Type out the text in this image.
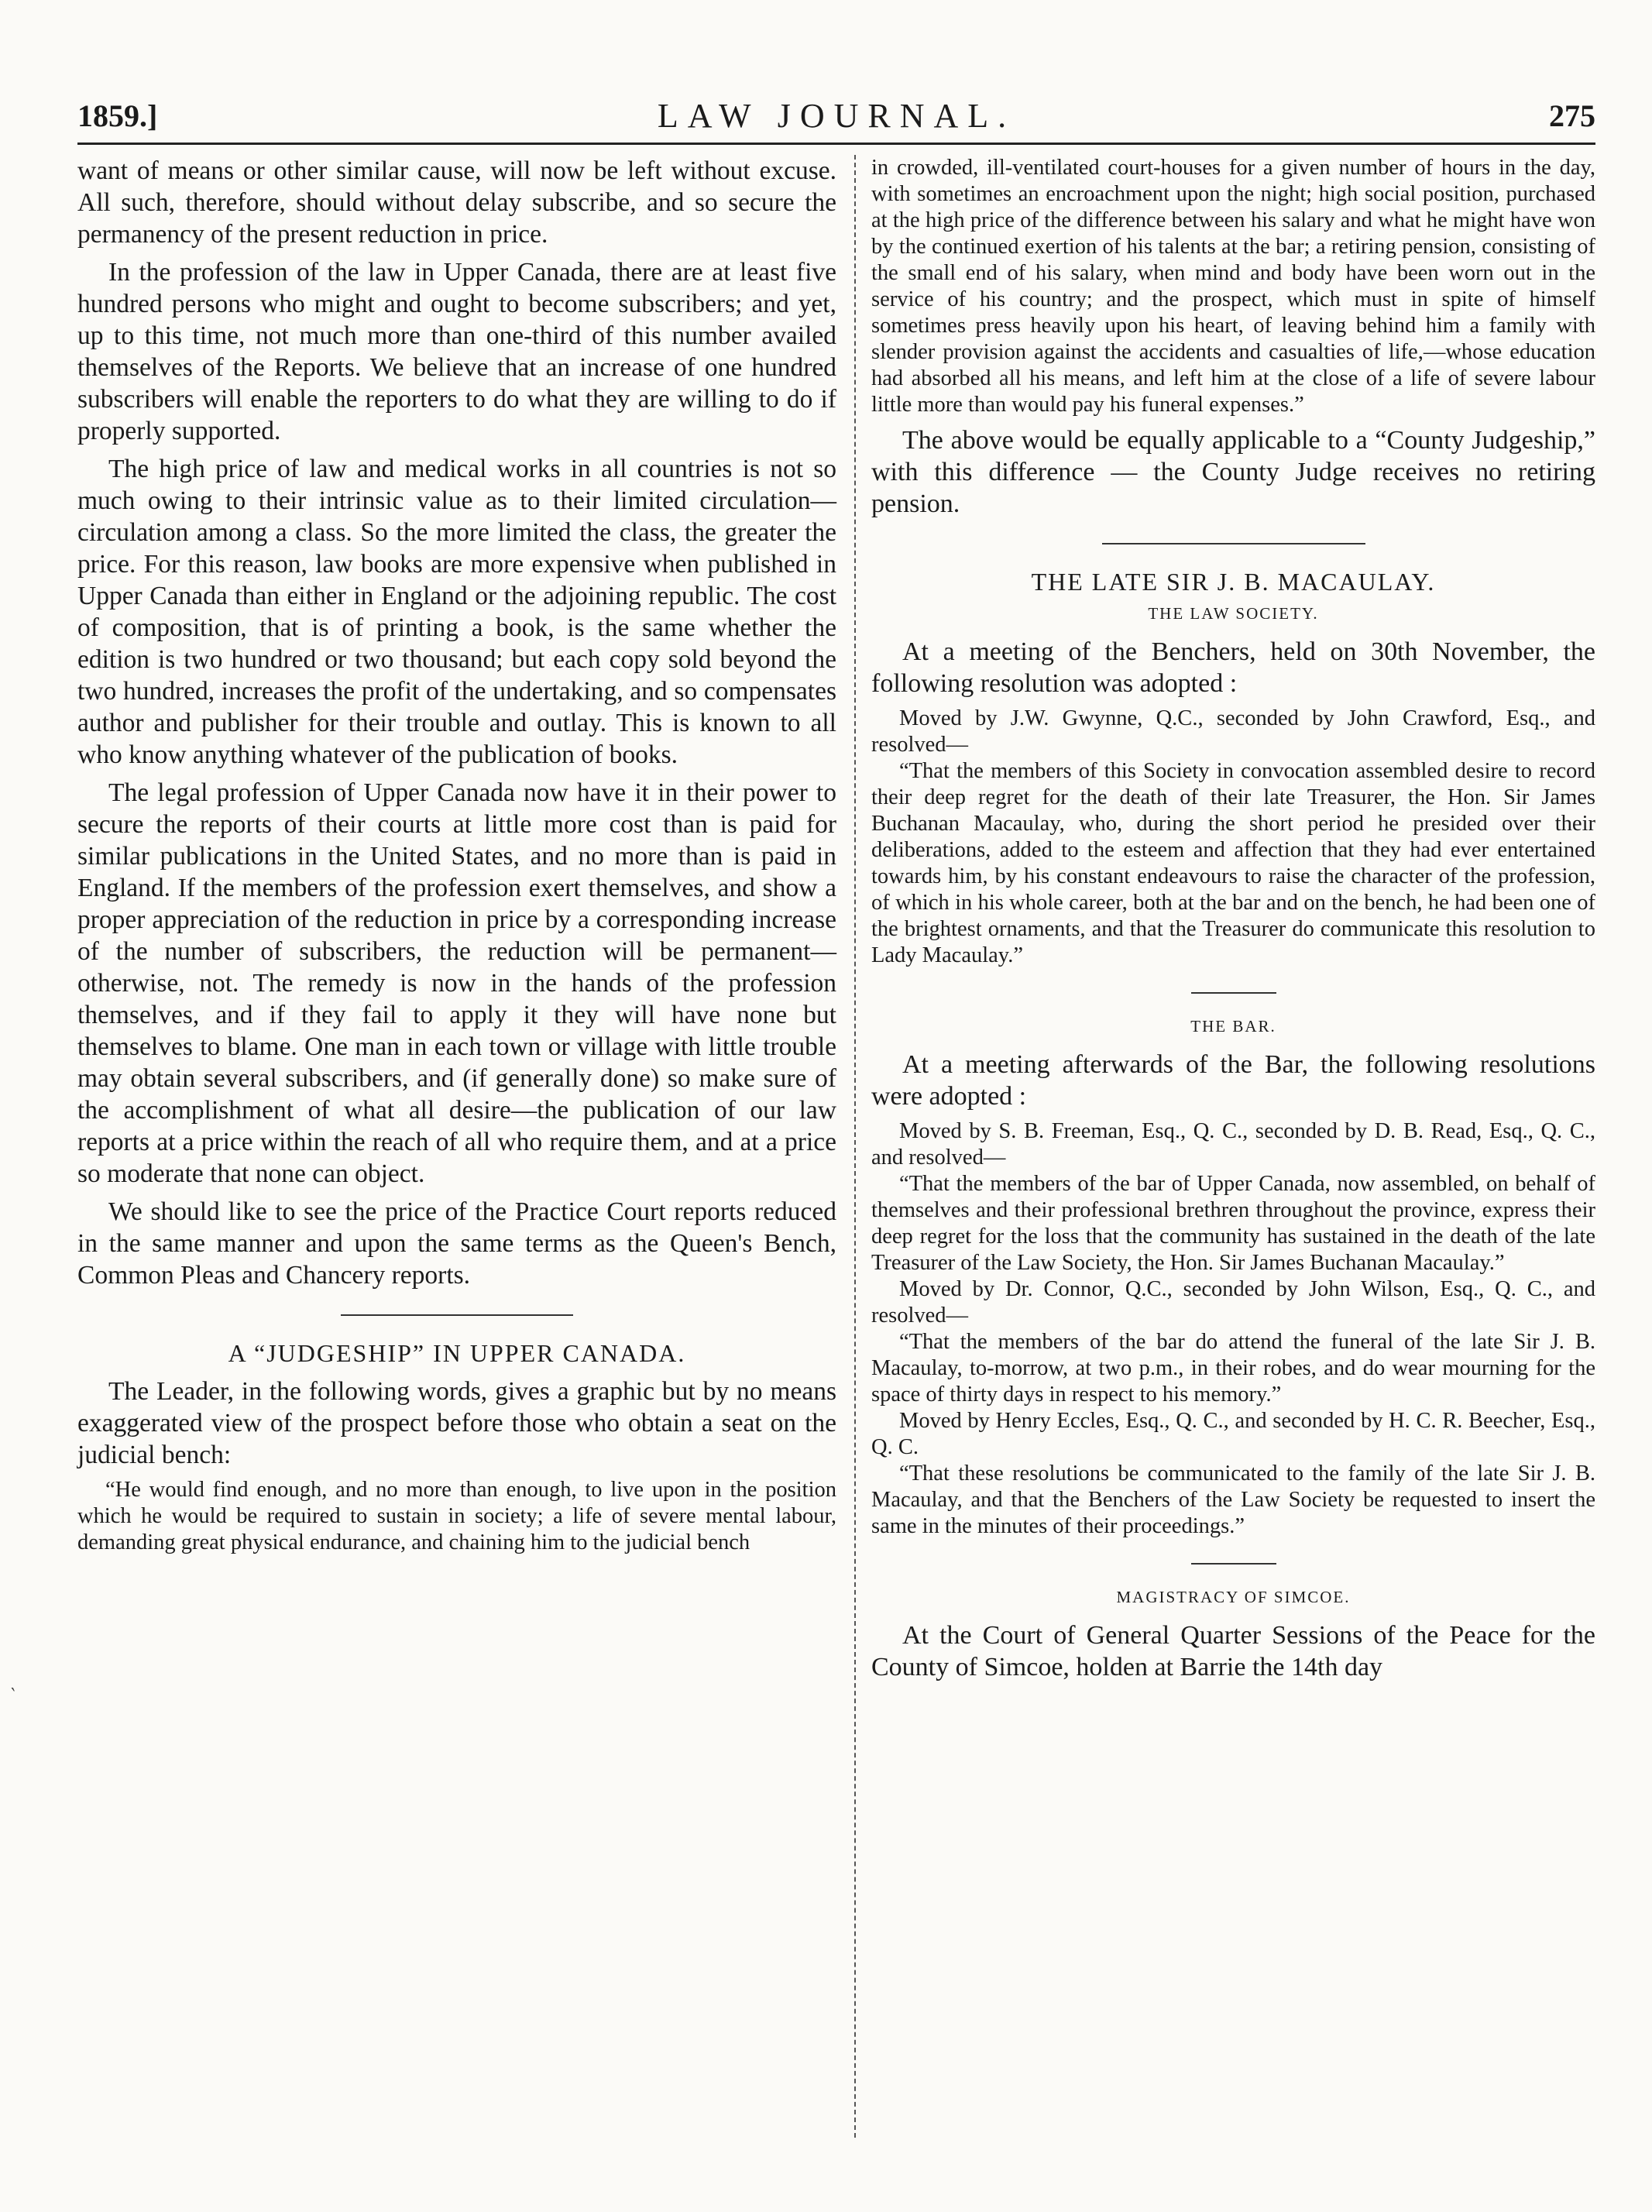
1859.]	LAW JOURNAL.	275
‵

want of means or other similar cause, will now be left without excuse. All such, therefore, should without delay subscribe, and so secure the permanency of the present reduction in price.

In the profession of the law in Upper Canada, there are at least five hundred persons who might and ought to become subscribers; and yet, up to this time, not much more than one-third of this number availed themselves of the Reports. We believe that an increase of one hundred subscribers will enable the reporters to do what they are willing to do if properly supported.

The high price of law and medical works in all countries is not so much owing to their intrinsic value as to their limited circulation—circulation among a class. So the more limited the class, the greater the price. For this reason, law books are more expensive when published in Upper Canada than either in England or the adjoining republic. The cost of composition, that is of printing a book, is the same whether the edition is two hundred or two thousand; but each copy sold beyond the two hundred, increases the profit of the undertaking, and so compensates author and publisher for their trouble and outlay. This is known to all who know anything whatever of the publication of books.

The legal profession of Upper Canada now have it in their power to secure the reports of their courts at little more cost than is paid for similar publications in the United States, and no more than is paid in England. If the members of the profession exert themselves, and show a proper appreciation of the reduction in price by a corresponding increase of the number of subscribers, the reduction will be permanent—otherwise, not. The remedy is now in the hands of the profession themselves, and if they fail to apply it they will have none but themselves to blame. One man in each town or village with little trouble may obtain several subscribers, and (if generally done) so make sure of the accomplishment of what all desire—the publication of our law reports at a price within the reach of all who require them, and at a price so moderate that none can object.

We should like to see the price of the Practice Court reports reduced in the same manner and upon the same terms as the Queen's Bench, Common Pleas and Chancery reports.

A “JUDGESHIP” IN UPPER CANADA.

The Leader, in the following words, gives a graphic but by no means exaggerated view of the prospect before those who obtain a seat on the judicial bench:

“He would find enough, and no more than enough, to live upon in the position which he would be required to sustain in society; a life of severe mental labour, demanding great physical endurance, and chaining him to the judicial bench

in crowded, ill-ventilated court-houses for a given number of hours in the day, with sometimes an encroachment upon the night; high social position, purchased at the high price of the difference between his salary and what he might have won by the continued exertion of his talents at the bar; a retiring pension, consisting of the small end of his salary, when mind and body have been worn out in the service of his country; and the prospect, which must in spite of himself sometimes press heavily upon his heart, of leaving behind him a family with slender provision against the accidents and casualties of life,—whose education had absorbed all his means, and left him at the close of a life of severe labour little more than would pay his funeral expenses.”

The above would be equally applicable to a “County Judgeship,” with this difference — the County Judge receives no retiring pension.

THE LATE SIR J. B. MACAULAY.
THE LAW SOCIETY.

At a meeting of the Benchers, held on 30th November, the following resolution was adopted :

Moved by J.W. Gwynne, Q.C., seconded by John Crawford, Esq., and resolved—

“That the members of this Society in convocation assembled desire to record their deep regret for the death of their late Treasurer, the Hon. Sir James Buchanan Macaulay, who, during the short period he presided over their deliberations, added to the esteem and affection that they had ever entertained towards him, by his constant endeavours to raise the character of the profession, of which in his whole career, both at the bar and on the bench, he had been one of the brightest ornaments, and that the Treasurer do communicate this resolution to Lady Macaulay.”

THE BAR.

At a meeting afterwards of the Bar, the following resolutions were adopted :

Moved by S. B. Freeman, Esq., Q. C., seconded by D. B. Read, Esq., Q. C., and resolved—

“That the members of the bar of Upper Canada, now assembled, on behalf of themselves and their professional brethren throughout the province, express their deep regret for the loss that the community has sustained in the death of the late Treasurer of the Law Society, the Hon. Sir James Buchanan Macaulay.”

Moved by Dr. Connor, Q.C., seconded by John Wilson, Esq., Q. C., and resolved—

“That the members of the bar do attend the funeral of the late Sir J. B. Macaulay, to-morrow, at two p.m., in their robes, and do wear mourning for the space of thirty days in respect to his memory.”

Moved by Henry Eccles, Esq., Q. C., and seconded by H. C. R. Beecher, Esq., Q. C.

“That these resolutions be communicated to the family of the late Sir J. B. Macaulay, and that the Benchers of the Law Society be requested to insert the same in the minutes of their proceedings.”

MAGISTRACY OF SIMCOE.

At the Court of General Quarter Sessions of the Peace for the County of Simcoe, holden at Barrie the 14th day
